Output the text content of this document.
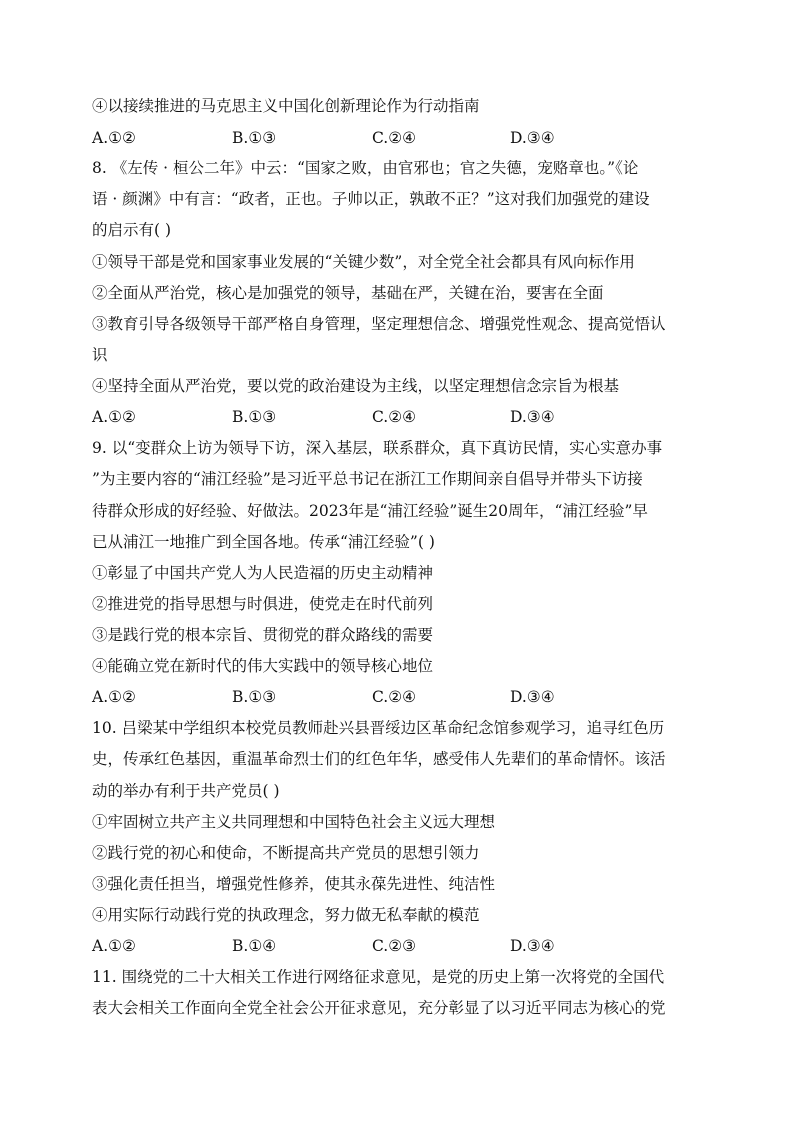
④以接续推进的马克思主义中国化创新理论作为行动指南
A.①②	B.①③	C.②④	D.③④
8. 《左传 · 桓公二年》中云：“国家之败，由官邪也；官之失德，宠赂章也。”《论
语 · 颜渊》中有言：“政者，正也。子帅以正，孰敢不正？”这对我们加强党的建设
的启示有( )
①领导干部是党和国家事业发展的“关键少数”，对全党全社会都具有风向标作用
②全面从严治党，核心是加强党的领导，基础在严，关键在治，要害在全面
③教育引导各级领导干部严格自身管理，坚定理想信念、增强党性观念、提高觉悟认
识
④坚持全面从严治党，要以党的政治建设为主线，以坚定理想信念宗旨为根基
A.①②	B.①③	C.②④	D.③④
9. 以“变群众上访为领导下访，深入基层，联系群众，真下真访民情，实心实意办事
”为主要内容的“浦江经验”是习近平总书记在浙江工作期间亲自倡导并带头下访接
待群众形成的好经验、好做法。2023年是“浦江经验”诞生20周年，“浦江经验”早
已从浦江一地推广到全国各地。传承“浦江经验”( )
①彰显了中国共产党人为人民造福的历史主动精神
②推进党的指导思想与时俱进，使党走在时代前列
③是践行党的根本宗旨、贯彻党的群众路线的需要
④能确立党在新时代的伟大实践中的领导核心地位
A.①②	B.①③	C.②④	D.③④
10. 吕梁某中学组织本校党员教师赴兴县晋绥边区革命纪念馆参观学习，追寻红色历
史，传承红色基因，重温革命烈士们的红色年华，感受伟人先辈们的革命情怀。该活
动的举办有利于共产党员( )
①牢固树立共产主义共同理想和中国特色社会主义远大理想
②践行党的初心和使命，不断提高共产党员的思想引领力
③强化责任担当，增强党性修养，使其永葆先进性、纯洁性
④用实际行动践行党的执政理念，努力做无私奉献的模范
A.①②	B.①④	C.②③	D.③④
11. 围绕党的二十大相关工作进行网络征求意见，是党的历史上第一次将党的全国代
表大会相关工作面向全党全社会公开征求意见，充分彰显了以习近平同志为核心的党
